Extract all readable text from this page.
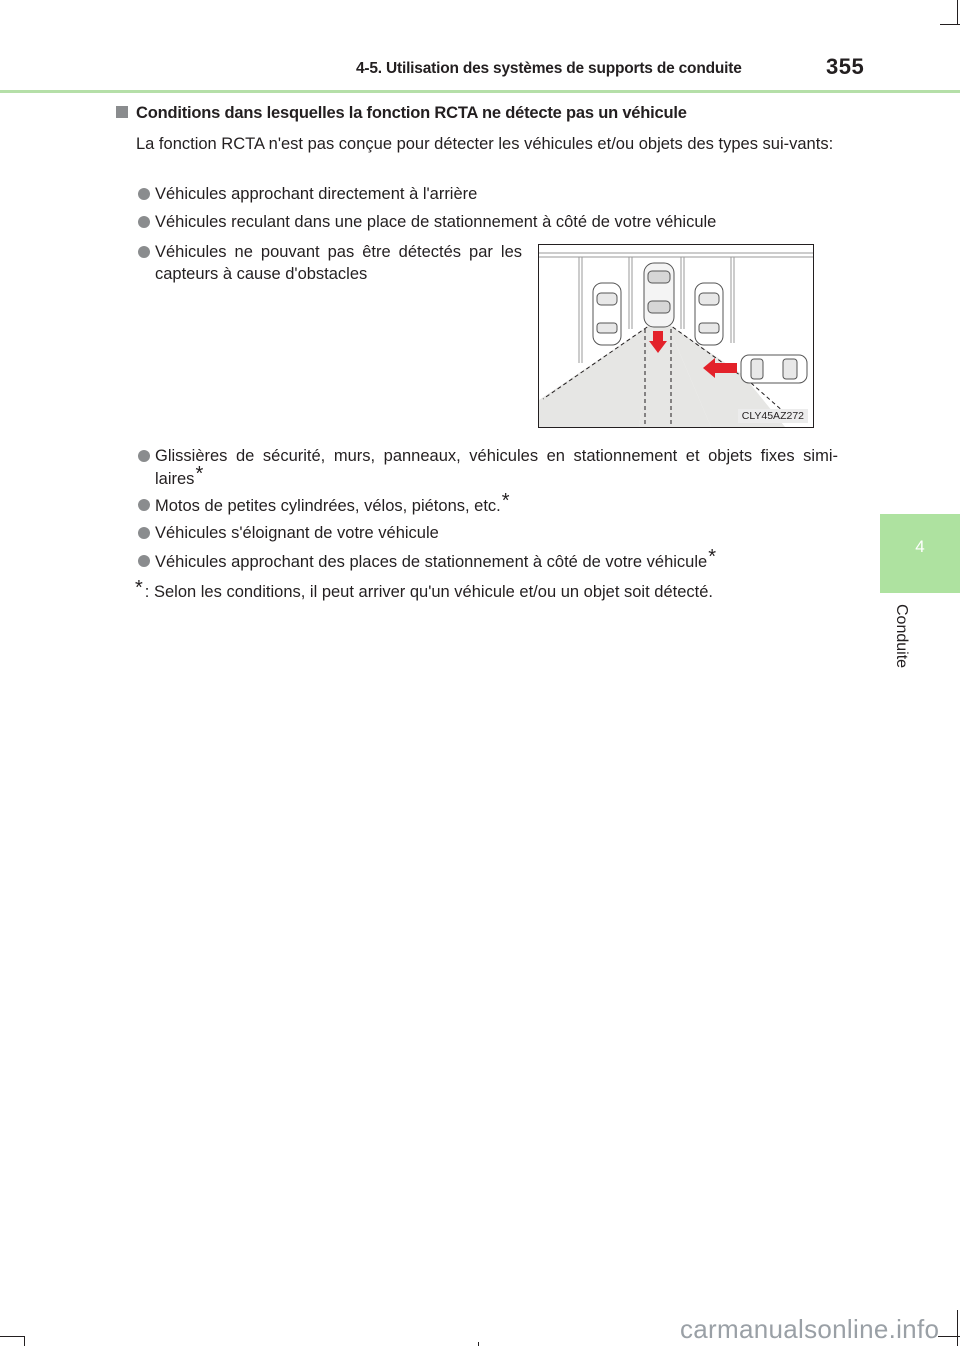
4-5. Utilisation des systèmes de supports de conduite	355
4
Conduite
Conditions dans lesquelles la fonction RCTA ne détecte pas un véhicule
La fonction RCTA n'est pas conçue pour détecter les véhicules et/ou objets des types sui-vants:
Véhicules approchant directement à l'arrière
Véhicules reculant dans une place de stationnement à côté de votre véhicule
Véhicules ne pouvant pas être détectés par les capteurs à cause d'obstacles
CLY45AZ272
Glissières de sécurité, murs, panneaux, véhicules en stationnement et objets fixes simi-laires*
Motos de petites cylindrées, vélos, piétons, etc.*
Véhicules s'éloignant de votre véhicule
Véhicules approchant des places de stationnement à côté de votre véhicule*
* : Selon les conditions, il peut arriver qu'un véhicule et/ou un objet soit détecté.
carmanualsonline.info
